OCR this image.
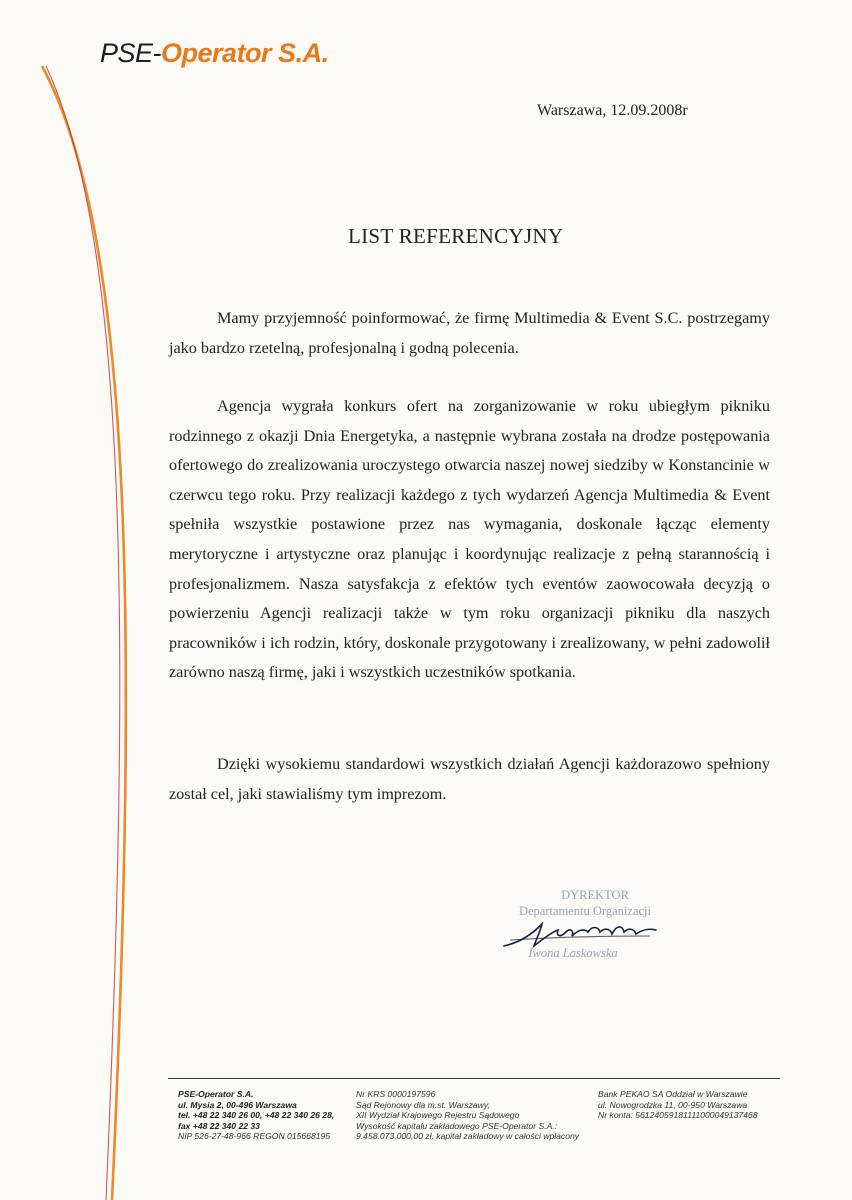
PSE-Operator S.A.
Warszawa, 12.09.2008r
LIST REFERENCYJNY

Mamy przyjemność poinformować, że firmę Multimedia & Event S.C. postrzegamy jako bardzo rzetelną, profesjonalną i godną polecenia.

Agencja wygrała konkurs ofert na zorganizowanie w roku ubiegłym pikniku rodzinnego z okazji Dnia Energetyka, a następnie wybrana została na drodze postępowania ofertowego do zrealizowania uroczystego otwarcia naszej nowej siedziby w Konstancinie w czerwcu tego roku. Przy realizacji każdego z tych wydarzeń Agencja Multimedia & Event spełniła wszystkie postawione przez nas wymagania, doskonale łącząc elementy merytoryczne i artystyczne oraz planując i koordynując realizacje z pełną starannością i profesjonalizmem. Nasza satysfakcja z efektów tych eventów zaowocowała decyzją o powierzeniu Agencji realizacji także w tym roku organizacji pikniku dla naszych pracowników i ich rodzin, który, doskonale przygotowany i zrealizowany, w pełni zadowolił zarówno naszą firmę, jaki i wszystkich uczestników spotkania.

Dzięki wysokiemu standardowi wszystkich działań Agencji każdorazowo spełniony został cel, jaki stawialiśmy tym imprezom.

DYREKTOR
Departamentu Organizacji
Iwona Laskowska
PSE-Operator S.A.
ul. Mysia 2, 00-496 Warszawa
tel. +48 22 340 26 00, +48 22 340 26 28,
fax +48 22 340 22 33
NIP 526-27-48-966 REGON 015668195
Nr KRS 0000197596
Sąd Rejonowy dla m.st. Warszawy,
XII Wydział Krajowego Rejestru Sądowego
Wysokość kapitału zakładowego PSE-Operator S.A.:
9.458.073.000,00 zł, kapitał zakładowy w całości wpłacony
Bank PEKAO SA Oddział w Warszawie
ul. Nowogrodzka 11, 00-950 Warszawa
Nr konta: 56124059181111000049137468
